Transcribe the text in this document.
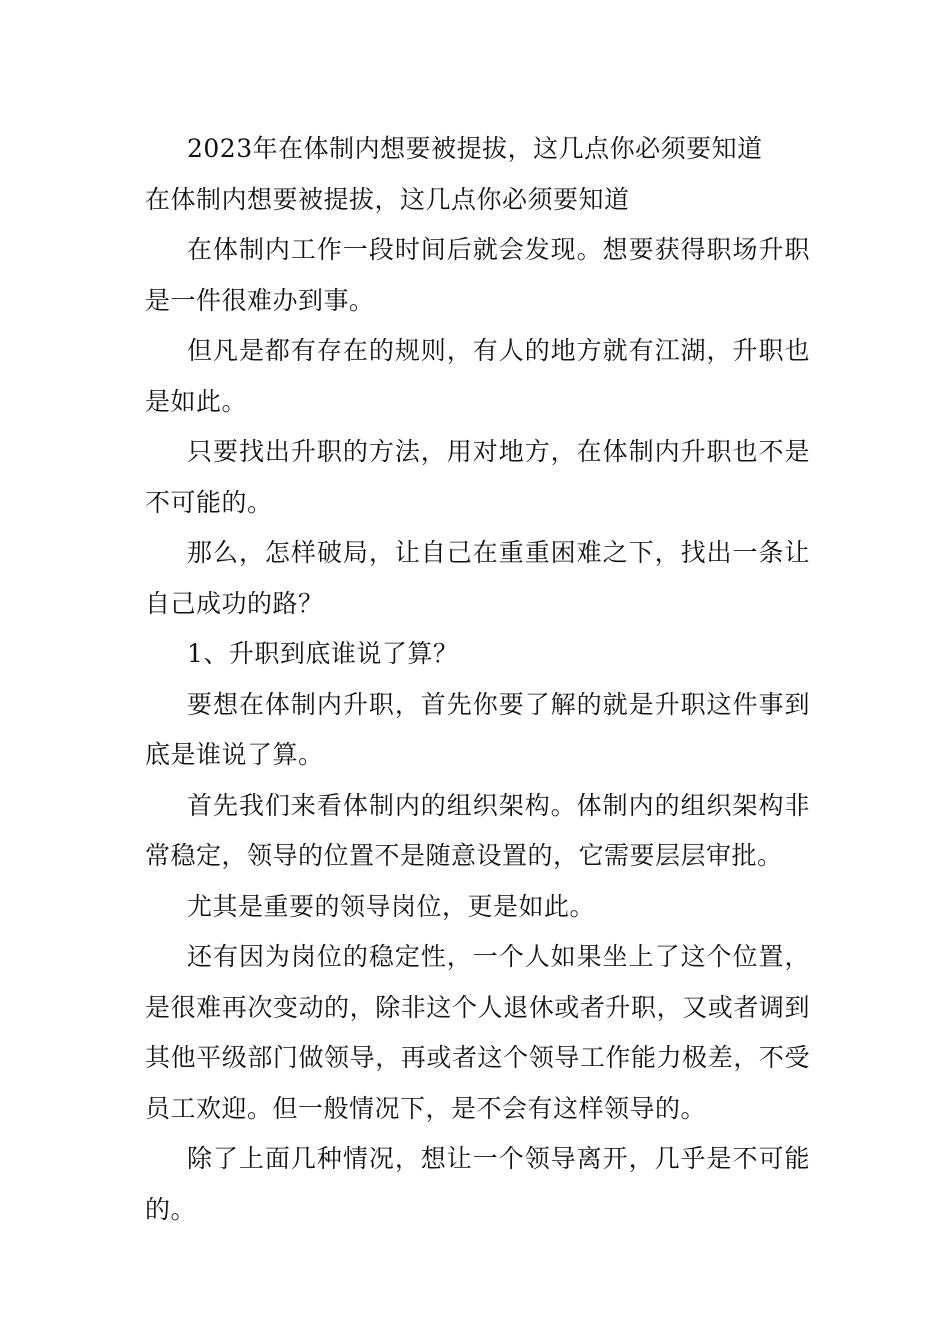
2023年在体制内想要被提拔，这几点你必须要知道

在体制内想要被提拔，这几点你必须要知道

在体制内工作一段时间后就会发现。想要获得职场升职是一件很难办到事。

但凡是都有存在的规则，有人的地方就有江湖，升职也是如此。

只要找出升职的方法，用对地方，在体制内升职也不是不可能的。

那么，怎样破局，让自己在重重困难之下，找出一条让自己成功的路？

1、升职到底谁说了算？

要想在体制内升职，首先你要了解的就是升职这件事到底是谁说了算。

首先我们来看体制内的组织架构。体制内的组织架构非常稳定，领导的位置不是随意设置的，它需要层层审批。

尤其是重要的领导岗位，更是如此。

还有因为岗位的稳定性，一个人如果坐上了这个位置，是很难再次变动的，除非这个人退休或者升职，又或者调到其他平级部门做领导，再或者这个领导工作能力极差，不受员工欢迎。但一般情况下，是不会有这样领导的。

除了上面几种情况，想让一个领导离开，几乎是不可能的。
